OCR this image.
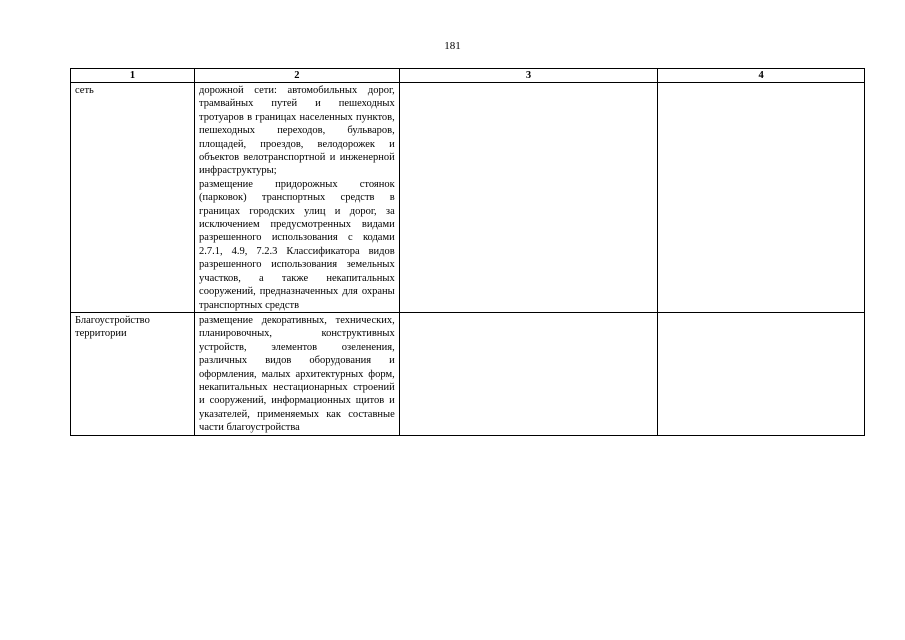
181
1	2	3	4
сеть	дорожной сети: автомобильных дорог, трамвайных путей и пешеходных тротуаров в границах населенных пунктов, пешеходных переходов, бульваров, площадей, проездов, велодорожек и объектов велотранспортной и инженерной инфраструктуры;
размещение придорожных стоянок (парковок) транспортных средств в границах городских улиц и дорог, за исключением предусмотренных видами разрешенного использования с кодами 2.7.1, 4.9, 7.2.3 Классификатора видов разрешенного использования земельных участков, а также некапитальных сооружений, предназначенных для охраны транспортных средств		

Благоустройство территории	размещение декоративных, технических, планировочных, конструктивных устройств, элементов озеленения, различных видов оборудования и оформления, малых архитектурных форм, некапитальных нестационарных строений и сооружений, информационных щитов и указателей, применяемых как составные части благоустройства		
